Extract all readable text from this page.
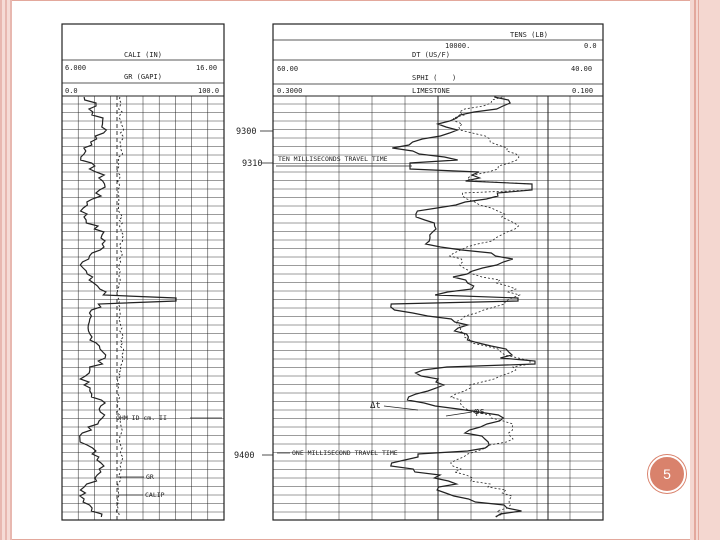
CALI (IN)
6.000	16.00
GR (GAPI)
0.0	100.0
TENS (LB)
10000.	0.0
DT (US/F)
60.00	40.00
SPHI ( )
0.3000	LIMESTONE	0.100
9300
9310
9400
OHM ID cm. II
GR
CALIP
TEN MILLISECONDS TRAVEL TIME
ONE MILLISECOND TRAVEL TIME
Δt
φs
5
